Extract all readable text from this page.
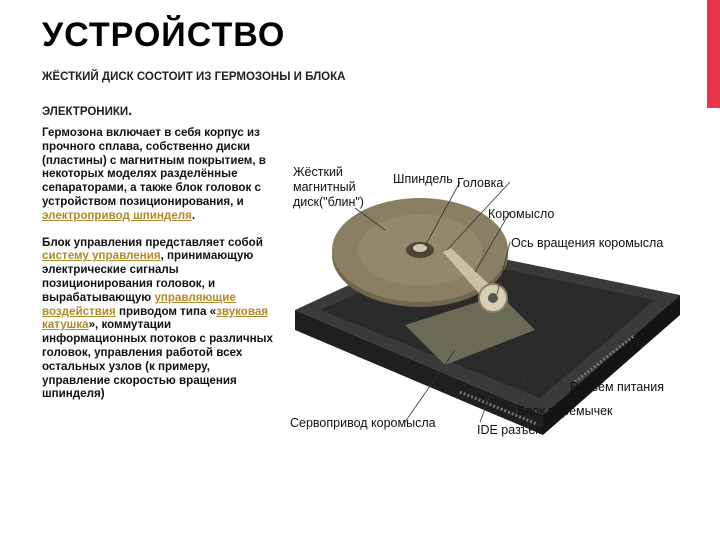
УСТРОЙСТВО
ЖЁСТКИЙ ДИСК СОСТОИТ ИЗ ГЕРМОЗОНЫ И БЛОКА
ЭЛЕКТРОНИКИ.

Гермозона включает в себя корпус из прочного сплава, собственно диски (пластины) с магнитным покрытием, в некоторых моделях разделённые сепараторами, а также блок головок с устройством позиционирования, и электропривод шпинделя.

Блок управления представляет собой систему управления, принимающую электрические сигналы позиционирования головок, и вырабатывающую управляющие воздействия приводом типа «звуковая катушка», коммутации информационных потоков с различных головок, управления работой всех остальных узлов (к примеру, управление скоростью вращения шпинделя)

Жёсткий магнитный диск("блин")
Шпиндель Головка
Коромысло
Ось вращения коромысла
Разъём питания
Блок перемычек
IDE разъём
Сервопривод коромысла
